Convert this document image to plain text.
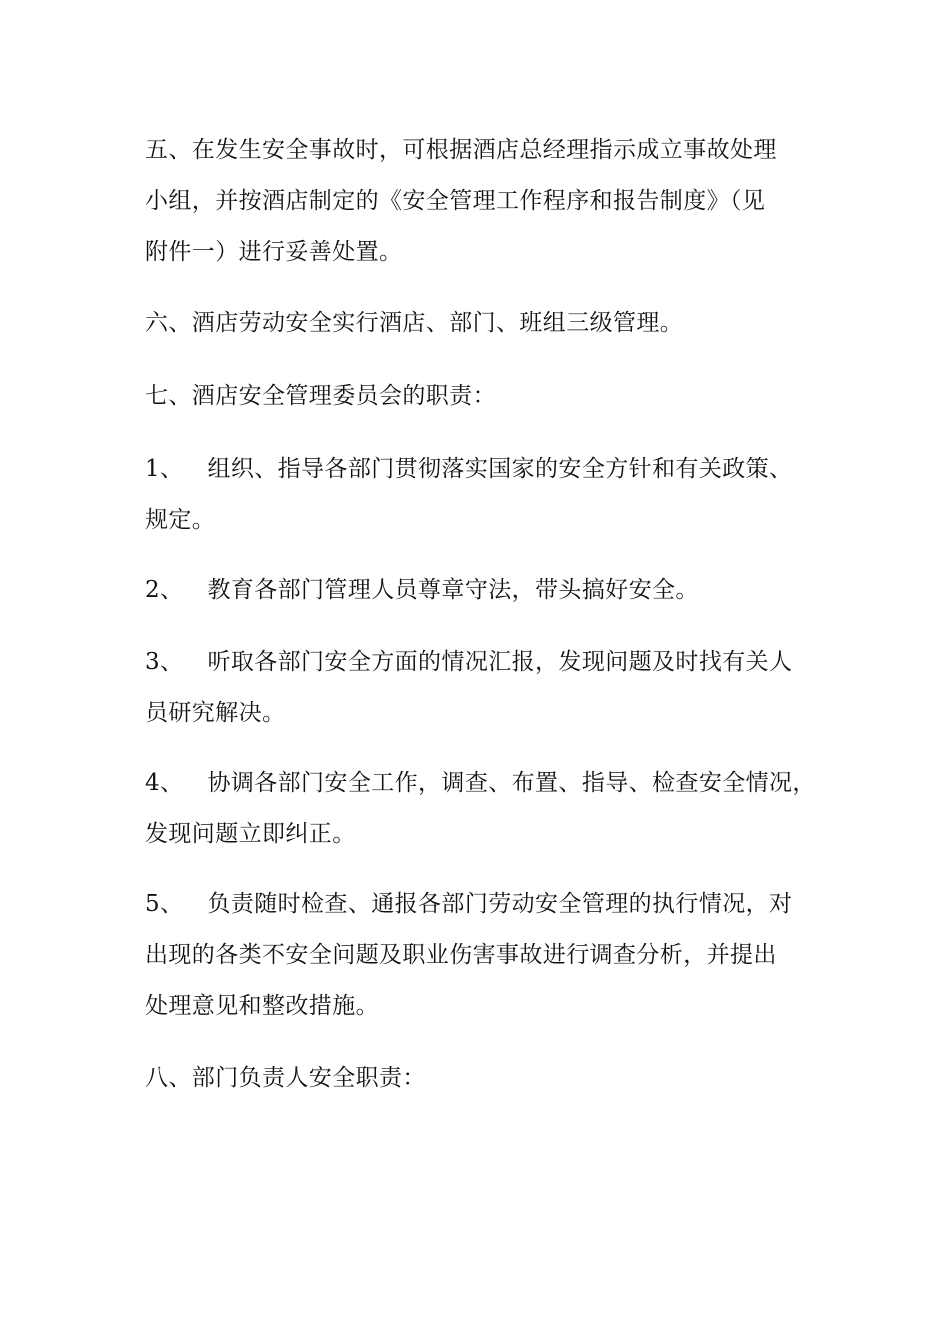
五、在发生安全事故时，可根据酒店总经理指示成立事故处理
小组，并按酒店制定的《安全管理工作程序和报告制度》（见
附件一）进行妥善处置。

六、酒店劳动安全实行酒店、部门、班组三级管理。

七、酒店安全管理委员会的职责：

1、 组织、指导各部门贯彻落实国家的安全方针和有关政策、
规定。

2、 教育各部门管理人员尊章守法，带头搞好安全。

3、 听取各部门安全方面的情况汇报，发现问题及时找有关人
员研究解决。

4、 协调各部门安全工作，调查、布置、指导、检查安全情况，
发现问题立即纠正。

5、 负责随时检查、通报各部门劳动安全管理的执行情况，对
出现的各类不安全问题及职业伤害事故进行调查分析，并提出
处理意见和整改措施。

八、部门负责人安全职责：
